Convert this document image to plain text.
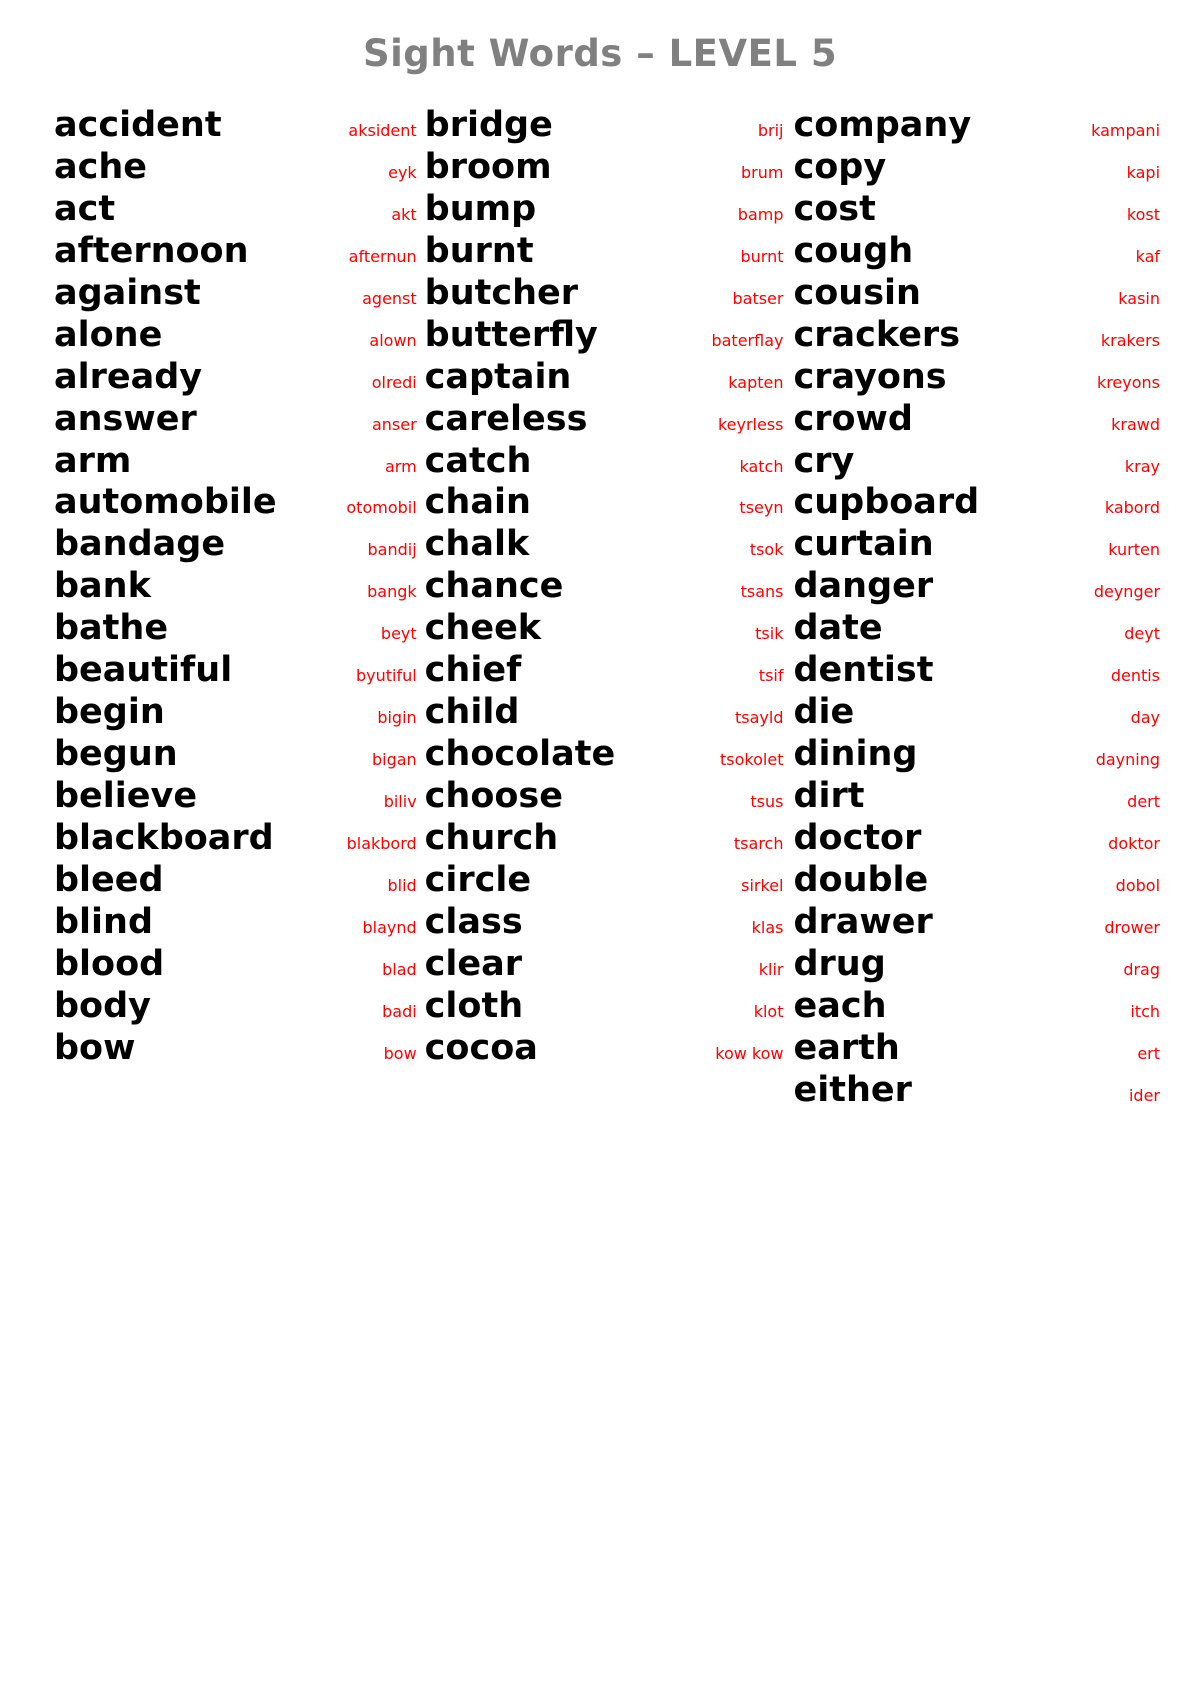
Sight Words – LEVEL 5
accident	aksident
ache	eyk
act	akt
afternoon	afternun
against	agenst
alone	alown
already	olredi
answer	anser
arm	arm
automobile	otomobil
bandage	bandij
bank	bangk
bathe	beyt
beautiful	byutiful
begin	bigin
begun	bigan
believe	biliv
blackboard	blakbord
bleed	blid
blind	blaynd
blood	blad
body	badi
bow	bow
bridge	brij
broom	brum
bump	bamp
burnt	burnt
butcher	batser
butterfly	baterflay
captain	kapten
careless	keyrless
catch	katch
chain	tseyn
chalk	tsok
chance	tsans
cheek	tsik
chief	tsif
child	tsayld
chocolate	tsokolet
choose	tsus
church	tsarch
circle	sirkel
class	klas
clear	klir
cloth	klot
cocoa	kow kow
company	kampani
copy	kapi
cost	kost
cough	kaf
cousin	kasin
crackers	krakers
crayons	kreyons
crowd	krawd
cry	kray
cupboard	kabord
curtain	kurten
danger	deynger
date	deyt
dentist	dentis
die	day
dining	dayning
dirt	dert
doctor	doktor
double	dobol
drawer	drower
drug	drag
each	itch
earth	ert
either	ider
